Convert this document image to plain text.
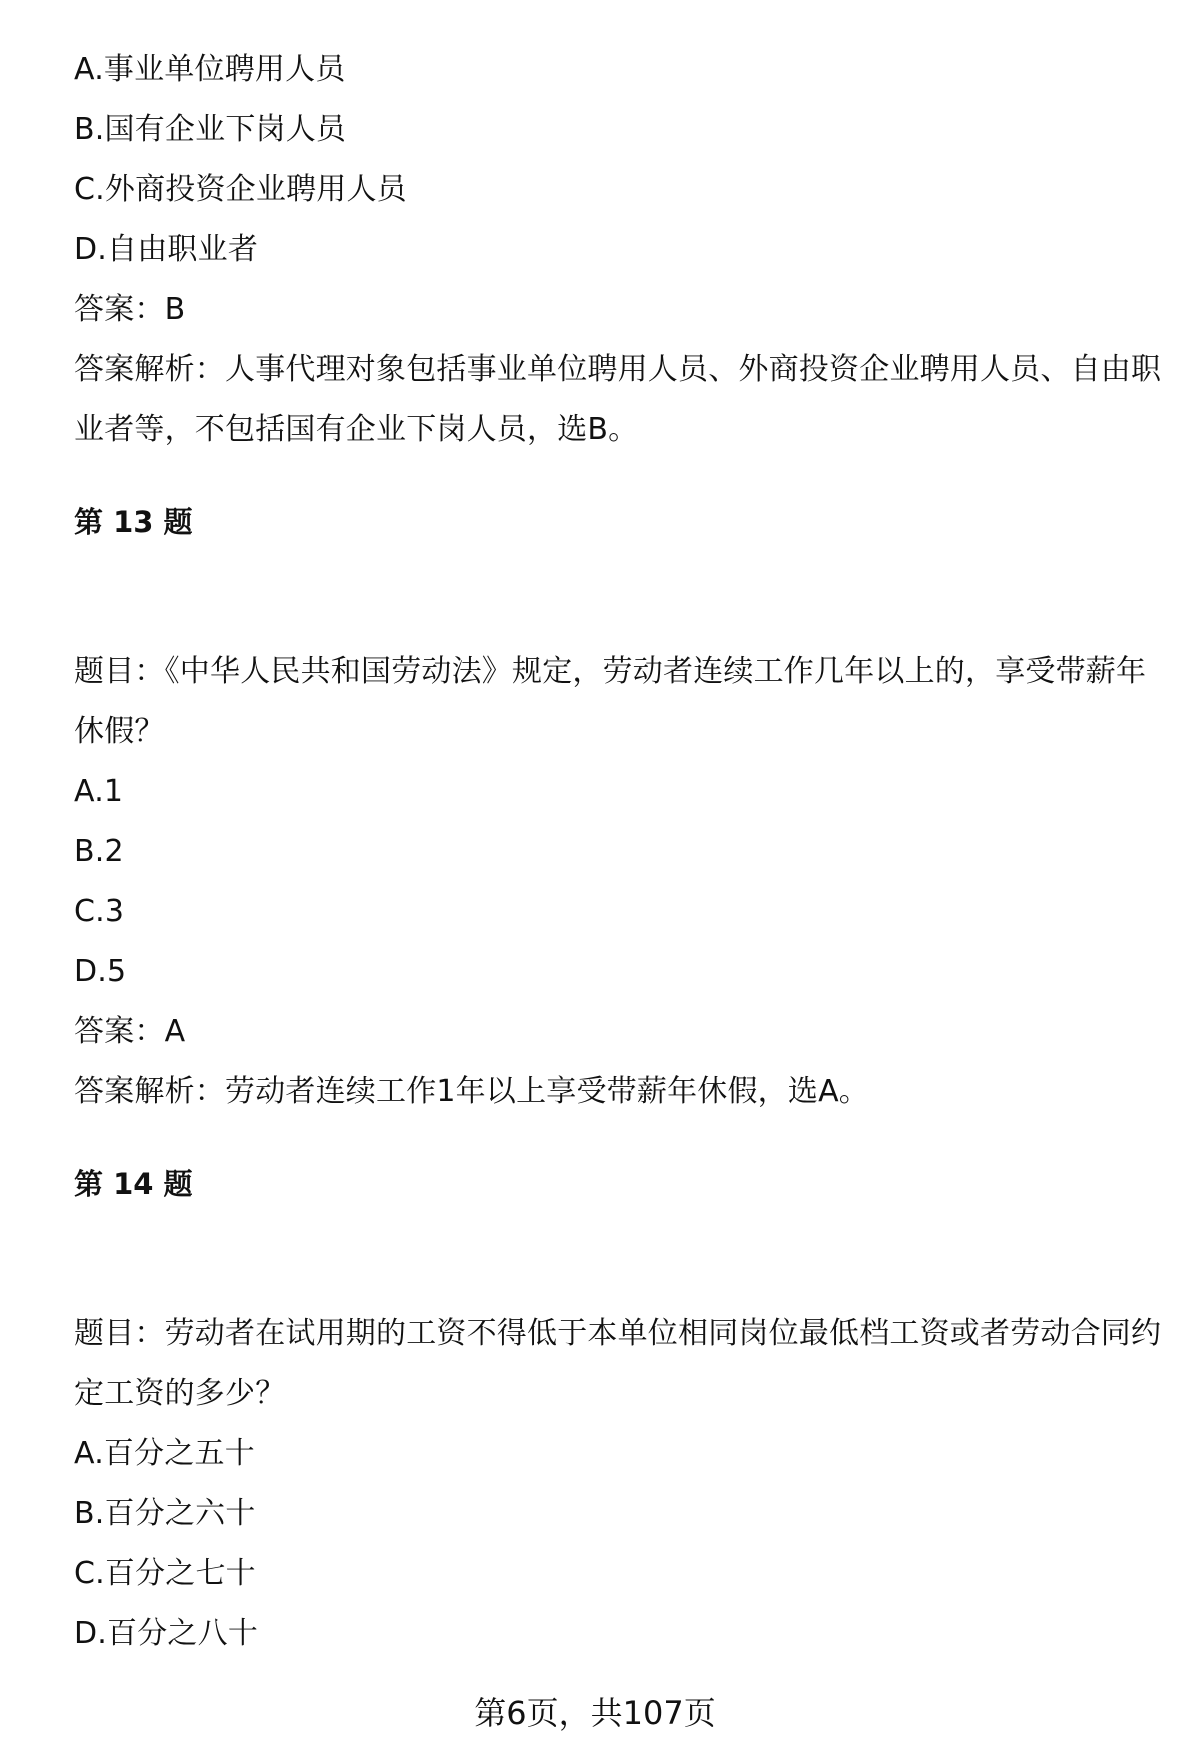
A.事业单位聘用人员
B.国有企业下岗人员
C.外商投资企业聘用人员
D.自由职业者
答案：B
答案解析：人事代理对象包括事业单位聘用人员、外商投资企业聘用人员、自由职
业者等，不包括国有企业下岗人员，选B。
第 13 题
题目：《中华人民共和国劳动法》规定，劳动者连续工作几年以上的，享受带薪年
休假？
A.1
B.2
C.3
D.5
答案：A
答案解析：劳动者连续工作1年以上享受带薪年休假，选A。
第 14 题
题目：劳动者在试用期的工资不得低于本单位相同岗位最低档工资或者劳动合同约
定工资的多少？
A.百分之五十
B.百分之六十
C.百分之七十
D.百分之八十
第6页，共107页
